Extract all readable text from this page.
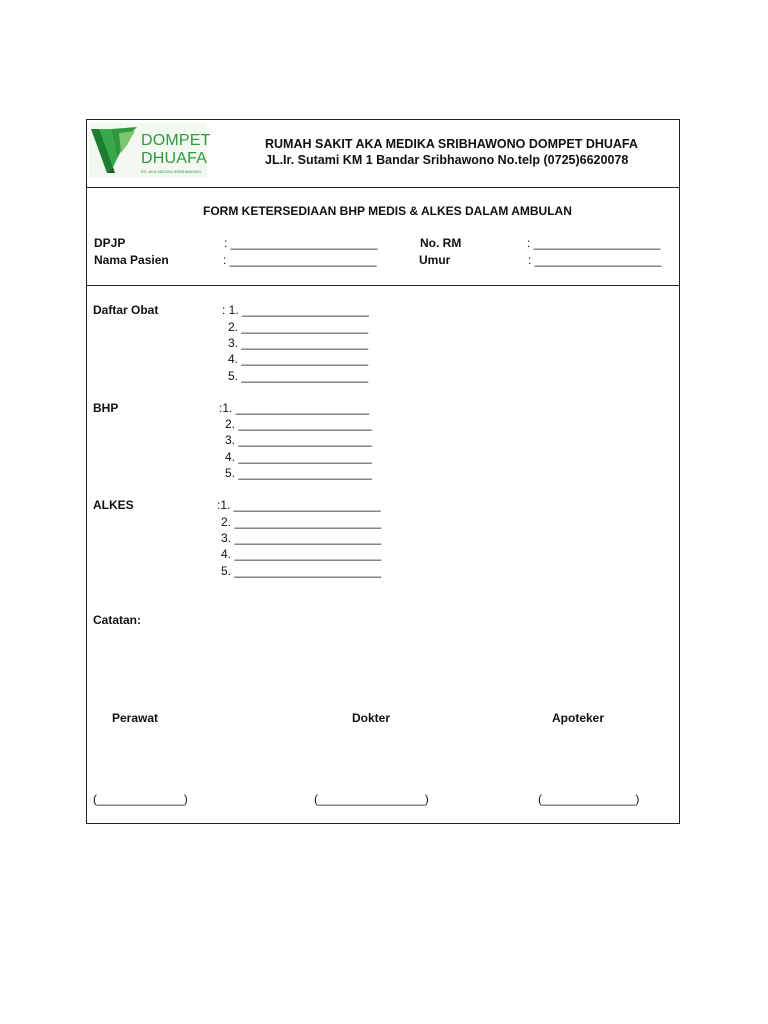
DOMPET
DHUAFA
RS. AKA MEDIKA SRIBHAWONO
RUMAH SAKIT AKA MEDIKA SRIBHAWONO DOMPET DHUAFA
JL.Ir. Sutami KM 1 Bandar Sribhawono No.telp (0725)6620078
FORM KETERSEDIAAN BHP MEDIS & ALKES DALAM AMBULAN
DPJP	: ______________________
Nama Pasien	: ______________________
No. RM	: ___________________
Umur	: ___________________
Daftar Obat	: 1. ___________________
2. ___________________
3. ___________________
4. ___________________
5. ___________________
BHP	:1. ____________________
2. ____________________
3. ____________________
4. ____________________
5. ____________________
ALKES	:1. ______________________
2. ______________________
3. ______________________
4. ______________________
5. ______________________
Catatan:
Perawat	Dokter	Apoteker
(_____________)	(________________)	(______________)
